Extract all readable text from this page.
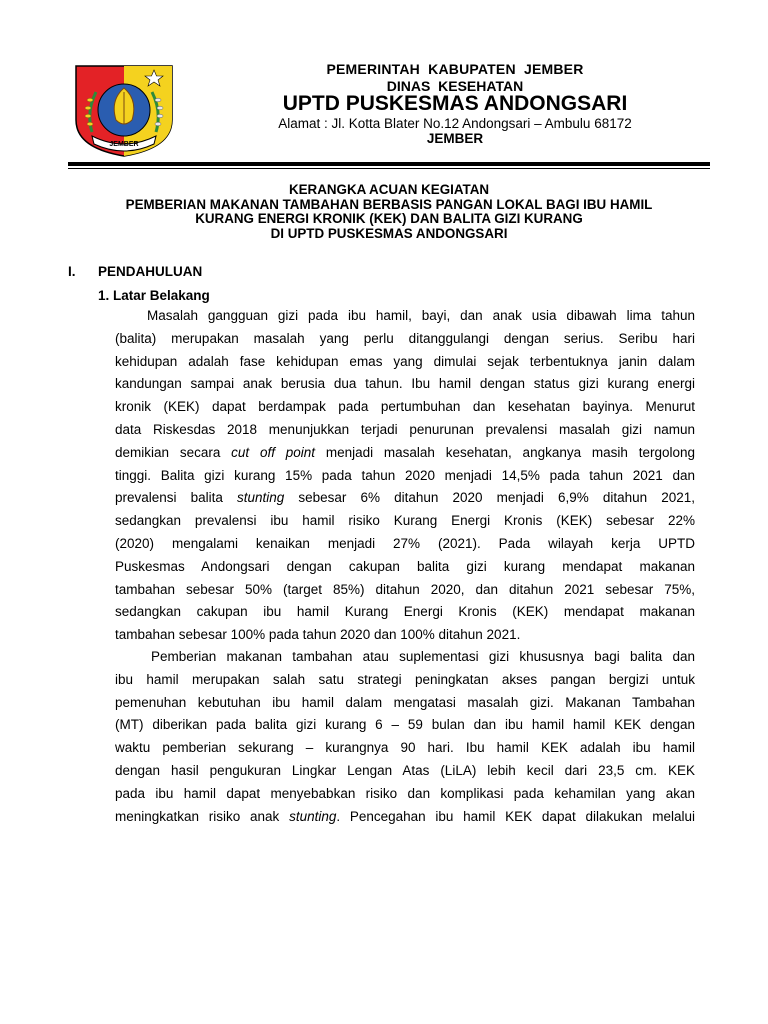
JEMBER
PEMERINTAH  KABUPATEN  JEMBER
DINAS  KESEHATAN
UPTD PUSKESMAS ANDONGSARI
Alamat : Jl. Kotta Blater No.12 Andongsari – Ambulu 68172
JEMBER
KERANGKA ACUAN KEGIATAN
PEMBERIAN MAKANAN TAMBAHAN BERBASIS PANGAN LOKAL BAGI IBU HAMIL
KURANG ENERGI KRONIK (KEK) DAN BALITA GIZI KURANG
DI UPTD PUSKESMAS ANDONGSARI
I. PENDAHULUAN
1. Latar Belakang
Masalah gangguan gizi pada ibu hamil, bayi, dan anak usia dibawah lima tahun
(balita) merupakan masalah yang perlu ditanggulangi dengan serius. Seribu hari
kehidupan adalah fase kehidupan emas yang dimulai sejak terbentuknya janin dalam
kandungan sampai anak berusia dua tahun. Ibu hamil dengan status gizi kurang energi
kronik (KEK) dapat berdampak pada pertumbuhan dan kesehatan bayinya. Menurut
data Riskesdas 2018 menunjukkan terjadi penurunan prevalensi masalah gizi namun
demikian secara cut off point menjadi masalah kesehatan, angkanya masih tergolong
tinggi. Balita gizi kurang 15% pada tahun 2020 menjadi 14,5% pada tahun 2021 dan
prevalensi balita stunting sebesar 6% ditahun 2020 menjadi 6,9% ditahun 2021,
sedangkan prevalensi ibu hamil risiko Kurang Energi Kronis (KEK) sebesar 22%
(2020) mengalami kenaikan menjadi 27% (2021). Pada wilayah kerja UPTD
Puskesmas Andongsari dengan cakupan balita gizi kurang mendapat makanan
tambahan sebesar 50% (target 85%) ditahun 2020, dan ditahun 2021 sebesar 75%,
sedangkan cakupan ibu hamil Kurang Energi Kronis (KEK) mendapat makanan
tambahan sebesar 100% pada tahun 2020 dan 100% ditahun 2021.
Pemberian makanan tambahan atau suplementasi gizi khususnya bagi balita dan
ibu hamil merupakan salah satu strategi peningkatan akses pangan bergizi untuk
pemenuhan kebutuhan ibu hamil dalam mengatasi masalah gizi. Makanan Tambahan
(MT) diberikan pada balita gizi kurang 6 – 59 bulan dan ibu hamil hamil KEK dengan
waktu pemberian sekurang – kurangnya 90 hari. Ibu hamil KEK adalah ibu hamil
dengan hasil pengukuran Lingkar Lengan Atas (LiLA) lebih kecil dari 23,5 cm. KEK
pada ibu hamil dapat menyebabkan risiko dan komplikasi pada kehamilan yang akan
meningkatkan risiko anak stunting. Pencegahan ibu hamil KEK dapat dilakukan melalui
